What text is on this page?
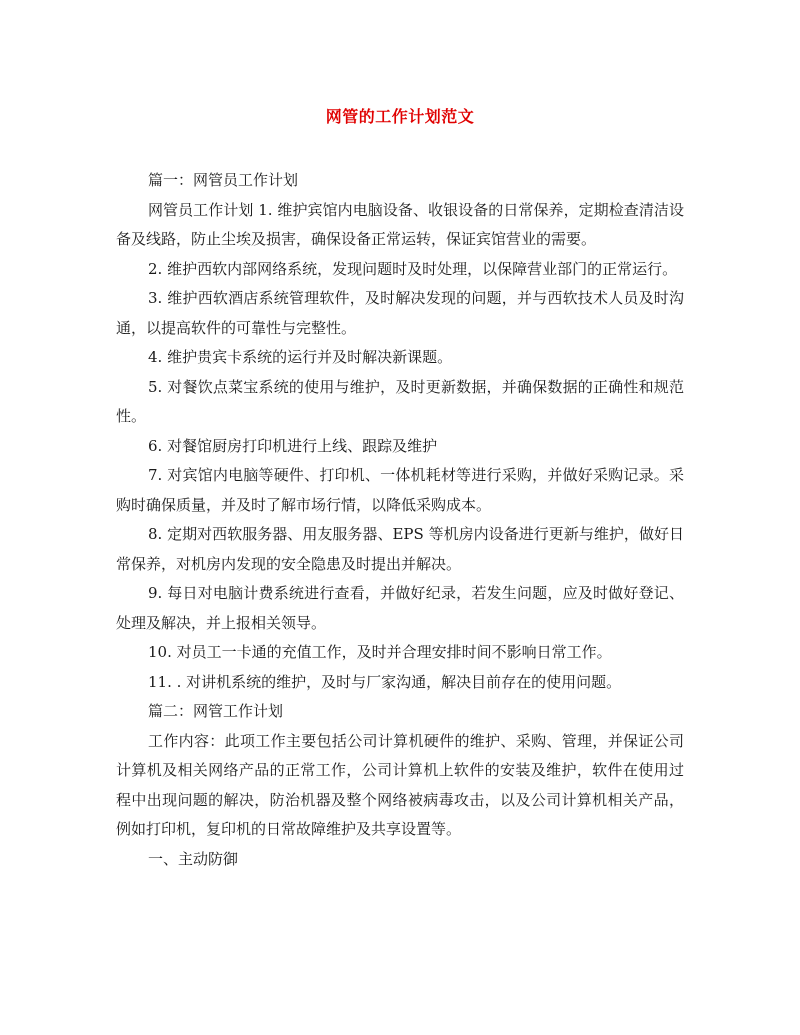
网管的工作计划范文

篇一：网管员工作计划

网管员工作计划 1. 维护宾馆内电脑设备、收银设备的日常保养，定期检查清洁设备及线路，防止尘埃及损害，确保设备正常运转，保证宾馆营业的需要。

2. 维护西软内部网络系统，发现问题时及时处理，以保障营业部门的正常运行。

3. 维护西软酒店系统管理软件，及时解决发现的问题，并与西软技术人员及时沟通，以提高软件的可靠性与完整性。

4. 维护贵宾卡系统的运行并及时解决新课题。

5. 对餐饮点菜宝系统的使用与维护，及时更新数据，并确保数据的正确性和规范性。

6. 对餐馆厨房打印机进行上线、跟踪及维护

7. 对宾馆内电脑等硬件、打印机、一体机耗材等进行采购，并做好采购记录。采购时确保质量，并及时了解市场行情，以降低采购成本。

8. 定期对西软服务器、用友服务器、EPS 等机房内设备进行更新与维护，做好日常保养，对机房内发现的安全隐患及时提出并解决。

9. 每日对电脑计费系统进行查看，并做好纪录，若发生问题，应及时做好登记、处理及解决，并上报相关领导。

10. 对员工一卡通的充值工作，及时并合理安排时间不影响日常工作。

11. . 对讲机系统的维护，及时与厂家沟通，解决目前存在的使用问题。

篇二：网管工作计划

工作内容：此项工作主要包括公司计算机硬件的维护、采购、管理，并保证公司计算机及相关网络产品的正常工作，公司计算机上软件的安装及维护，软件在使用过程中出现问题的解决，防治机器及整个网络被病毒攻击，以及公司计算机相关产品，例如打印机，复印机的日常故障维护及共享设置等。

一、主动防御
